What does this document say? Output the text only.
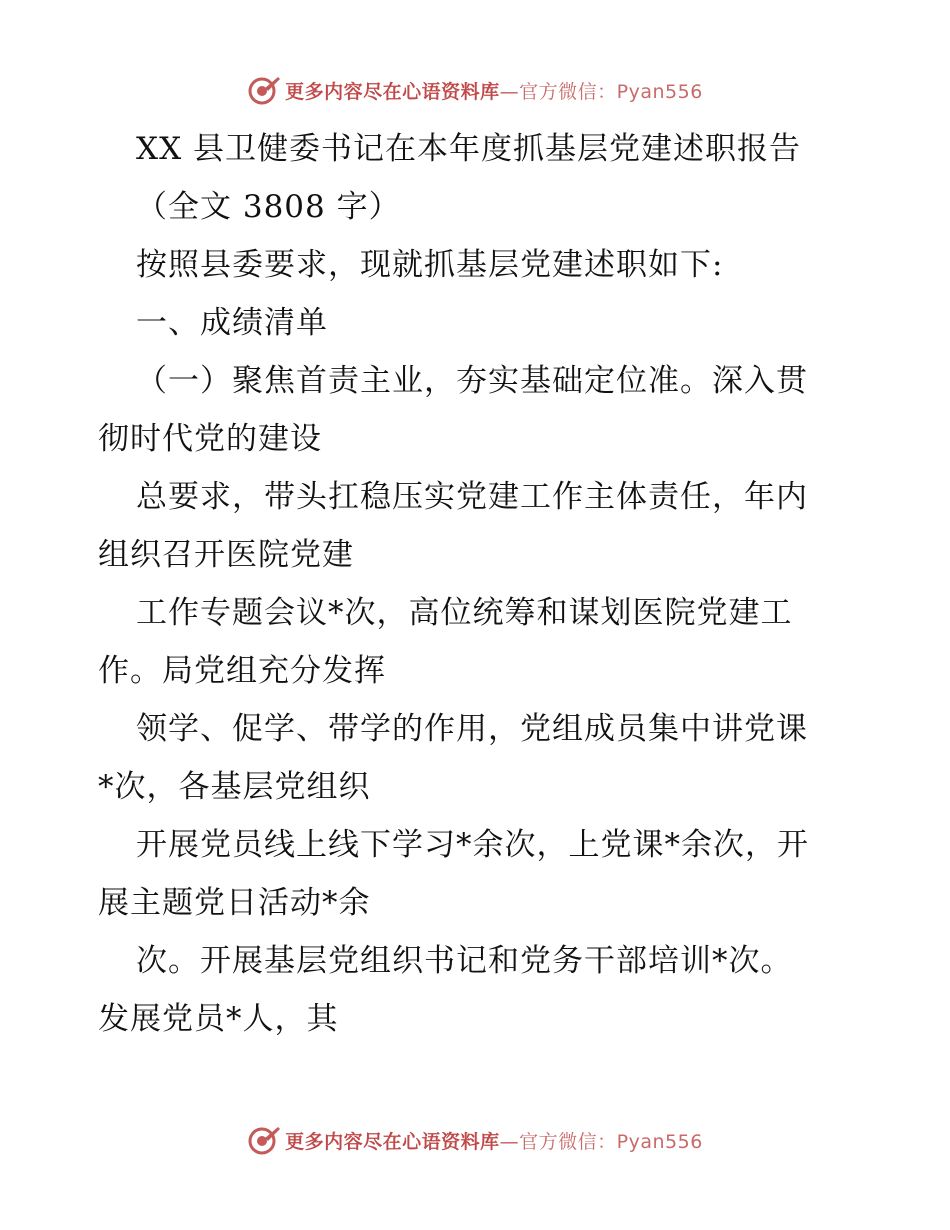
更多内容尽在心语资料库—官方微信：Pyan556
XX 县卫健委书记在本年度抓基层党建述职报告
（全文 3808 字）
按照县委要求，现就抓基层党建述职如下:
一、成绩清单
（一）聚焦首责主业，夯实基础定位准。深入贯
彻时代党的建设
总要求，带头扛稳压实党建工作主体责任，年内
组织召开医院党建
工作专题会议*次，高位统筹和谋划医院党建工
作。局党组充分发挥
领学、促学、带学的作用，党组成员集中讲党课
*次，各基层党组织
开展党员线上线下学习*余次，上党课*余次，开
展主题党日活动*余
次。开展基层党组织书记和党务干部培训*次。
发展党员*人，其
更多内容尽在心语资料库—官方微信：Pyan556
